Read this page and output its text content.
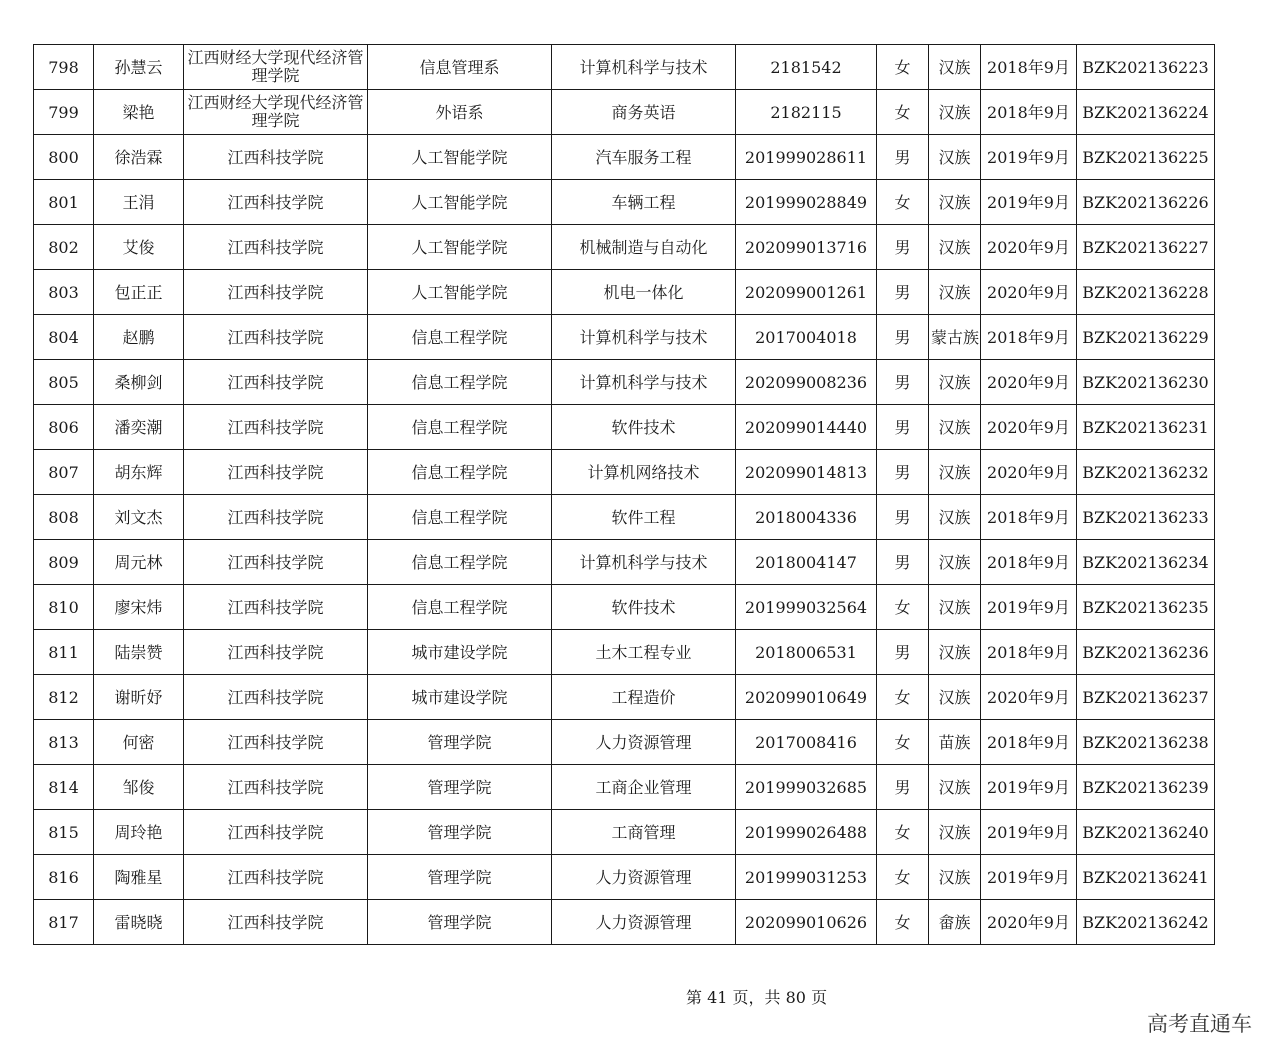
798	孙慧云	江西财经大学现代经济管理学院	信息管理系	计算机科学与技术	2181542	女	汉族	2018年9月	BZK202136223
799	梁艳	江西财经大学现代经济管理学院	外语系	商务英语	2182115	女	汉族	2018年9月	BZK202136224
800	徐浩霖	江西科技学院	人工智能学院	汽车服务工程	201999028611	男	汉族	2019年9月	BZK202136225
801	王涓	江西科技学院	人工智能学院	车辆工程	201999028849	女	汉族	2019年9月	BZK202136226
802	艾俊	江西科技学院	人工智能学院	机械制造与自动化	202099013716	男	汉族	2020年9月	BZK202136227
803	包正正	江西科技学院	人工智能学院	机电一体化	202099001261	男	汉族	2020年9月	BZK202136228
804	赵鹏	江西科技学院	信息工程学院	计算机科学与技术	2017004018	男	蒙古族	2018年9月	BZK202136229
805	桑柳剑	江西科技学院	信息工程学院	计算机科学与技术	202099008236	男	汉族	2020年9月	BZK202136230
806	潘奕潮	江西科技学院	信息工程学院	软件技术	202099014440	男	汉族	2020年9月	BZK202136231
807	胡东辉	江西科技学院	信息工程学院	计算机网络技术	202099014813	男	汉族	2020年9月	BZK202136232
808	刘文杰	江西科技学院	信息工程学院	软件工程	2018004336	男	汉族	2018年9月	BZK202136233
809	周元林	江西科技学院	信息工程学院	计算机科学与技术	2018004147	男	汉族	2018年9月	BZK202136234
810	廖宋炜	江西科技学院	信息工程学院	软件技术	201999032564	女	汉族	2019年9月	BZK202136235
811	陆崇赞	江西科技学院	城市建设学院	土木工程专业	2018006531	男	汉族	2018年9月	BZK202136236
812	谢昕妤	江西科技学院	城市建设学院	工程造价	202099010649	女	汉族	2020年9月	BZK202136237
813	何密	江西科技学院	管理学院	人力资源管理	2017008416	女	苗族	2018年9月	BZK202136238
814	邹俊	江西科技学院	管理学院	工商企业管理	201999032685	男	汉族	2019年9月	BZK202136239
815	周玲艳	江西科技学院	管理学院	工商管理	201999026488	女	汉族	2019年9月	BZK202136240
816	陶雅星	江西科技学院	管理学院	人力资源管理	201999031253	女	汉族	2019年9月	BZK202136241
817	雷晓晓	江西科技学院	管理学院	人力资源管理	202099010626	女	畲族	2020年9月	BZK202136242
第 41 页，共 80 页
高考直通车
